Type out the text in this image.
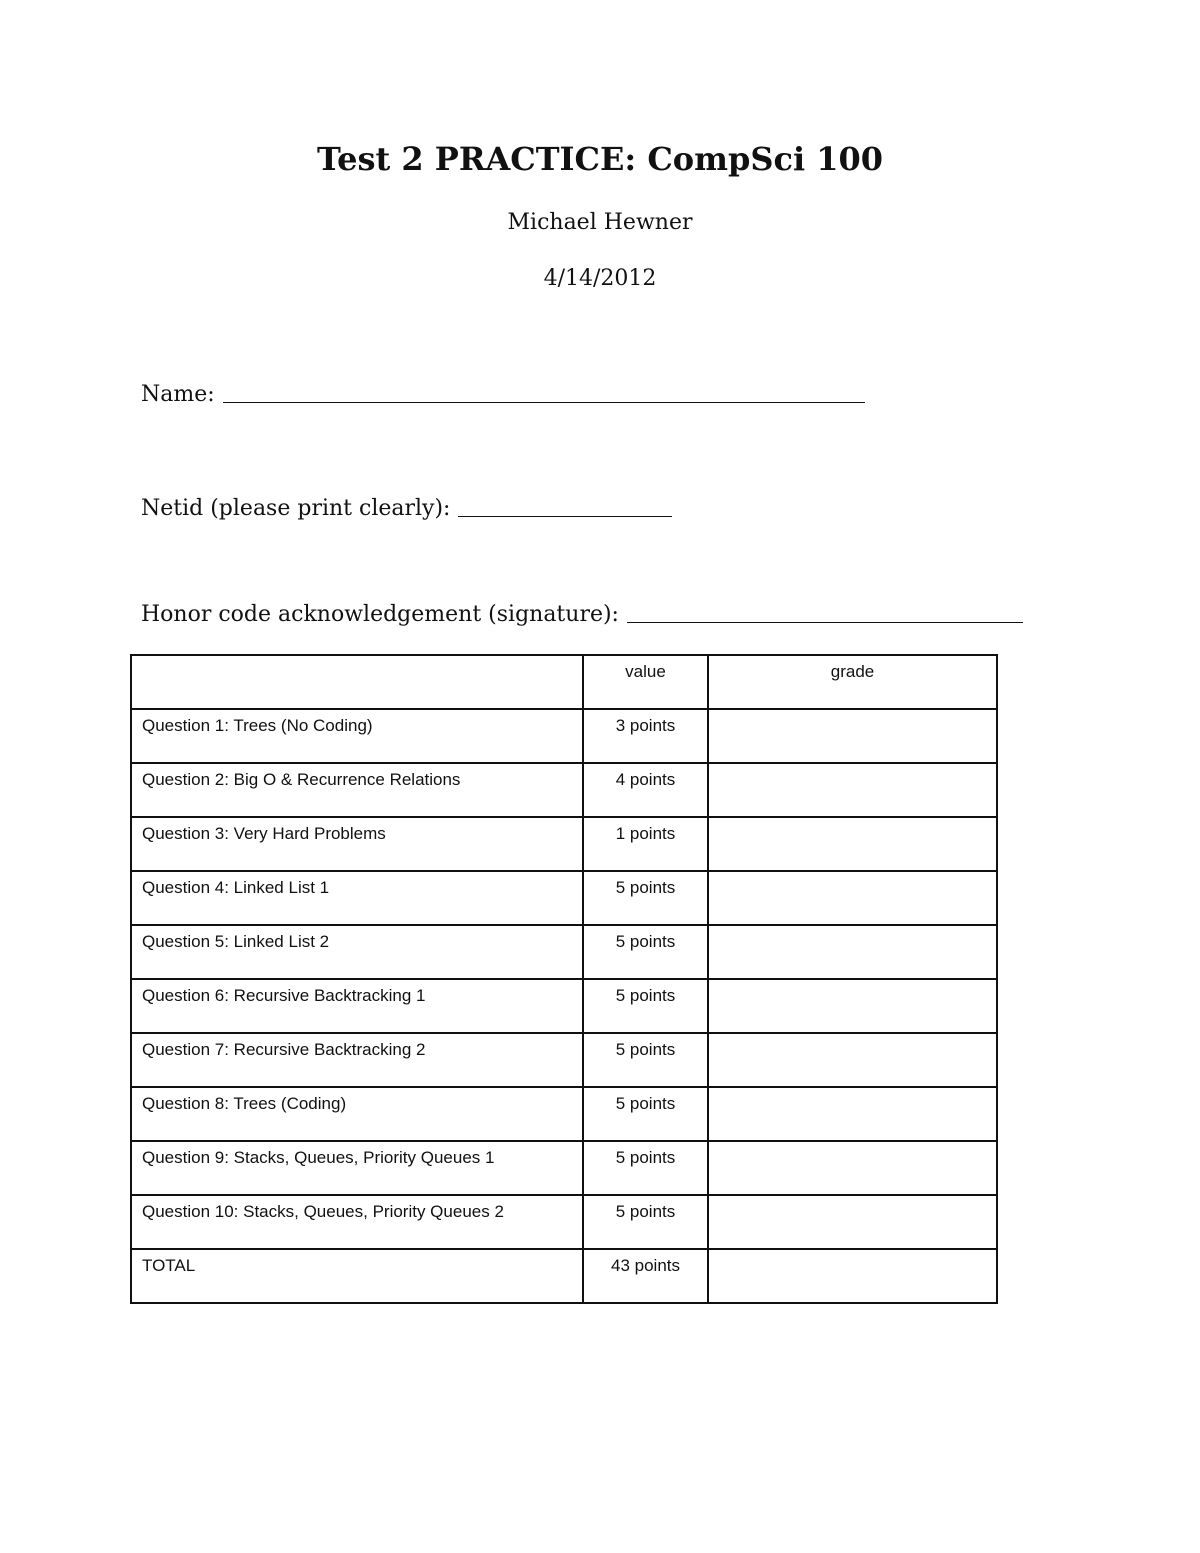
Test 2 PRACTICE: CompSci 100
Michael Hewner
4/14/2012
Name:
Netid (please print clearly):
Honor code acknowledgement (signature):
	value	grade
Question 1: Trees (No Coding)	3 points	
Question 2: Big O & Recurrence Relations	4 points	
Question 3: Very Hard Problems	1 points	
Question 4: Linked List 1	5 points	
Question 5: Linked List 2	5 points	
Question 6: Recursive Backtracking 1	5 points	
Question 7: Recursive Backtracking 2	5 points	
Question 8: Trees (Coding)	5 points	
Question 9: Stacks, Queues, Priority Queues 1	5 points	
Question 10: Stacks, Queues, Priority Queues 2	5 points	
TOTAL	43 points	
